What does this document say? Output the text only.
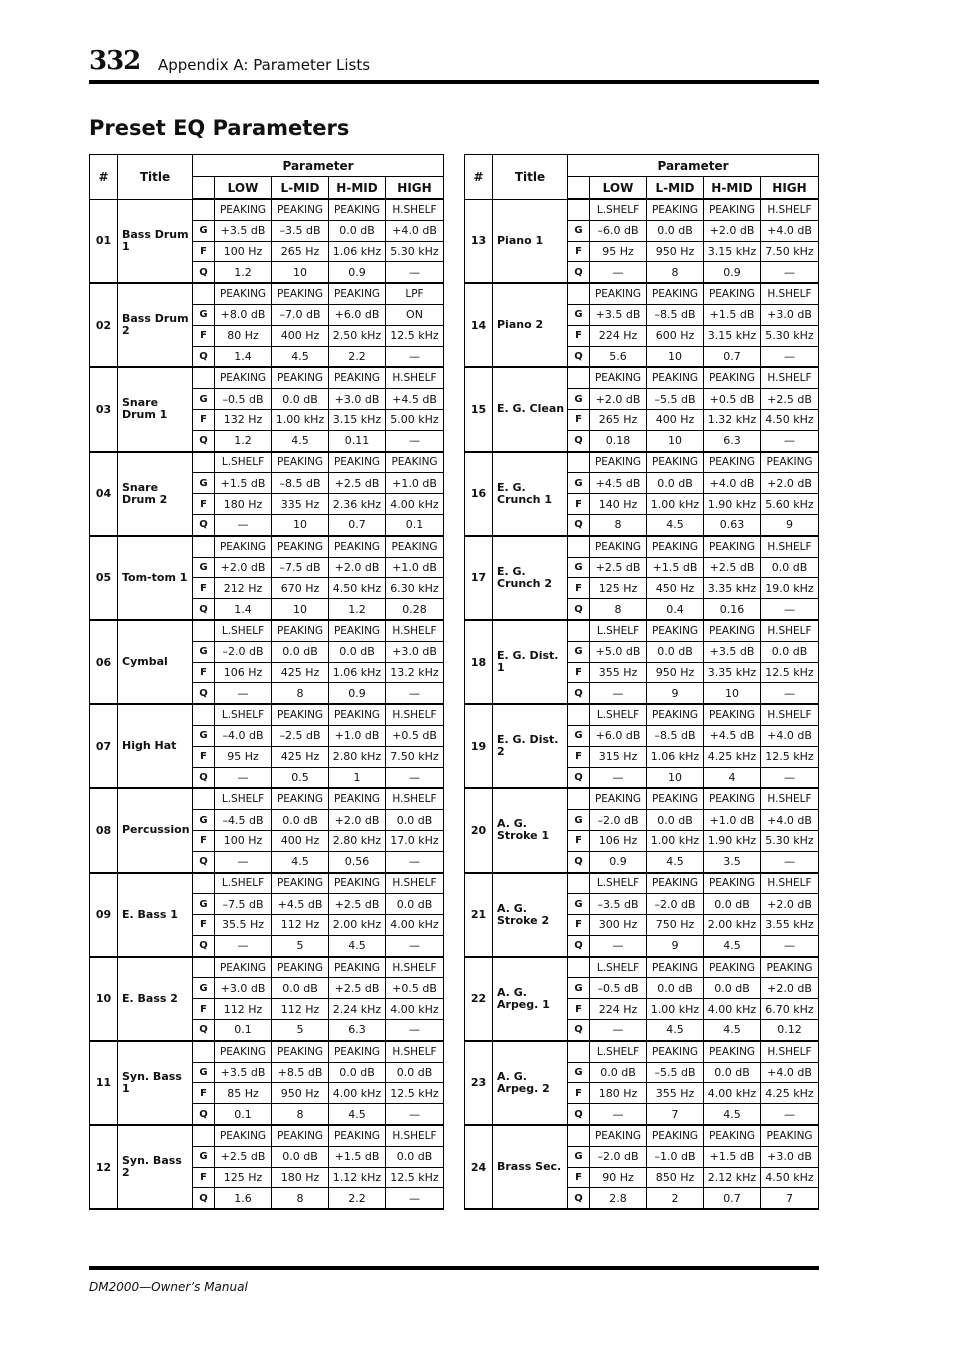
332 Appendix A: Parameter Lists
Preset EQ Parameters
#	Title	Parameter				
			LOW	L-MID	H-MID	HIGH
01	Bass Drum 1		PEAKING	PEAKING	PEAKING	H.SHELF
		G	+3.5 dB	–3.5 dB	0.0 dB	+4.0 dB
		F	100 Hz	265 Hz	1.06 kHz	5.30 kHz
		Q	1.2	10	0.9	—
02	Bass Drum 2		PEAKING	PEAKING	PEAKING	LPF
		G	+8.0 dB	–7.0 dB	+6.0 dB	ON
		F	80 Hz	400 Hz	2.50 kHz	12.5 kHz
		Q	1.4	4.5	2.2	—
03	Snare Drum 1		PEAKING	PEAKING	PEAKING	H.SHELF
		G	–0.5 dB	0.0 dB	+3.0 dB	+4.5 dB
		F	132 Hz	1.00 kHz	3.15 kHz	5.00 kHz
		Q	1.2	4.5	0.11	—
04	Snare Drum 2		L.SHELF	PEAKING	PEAKING	PEAKING
		G	+1.5 dB	–8.5 dB	+2.5 dB	+1.0 dB
		F	180 Hz	335 Hz	2.36 kHz	4.00 kHz
		Q	—	10	0.7	0.1
05	Tom-tom 1		PEAKING	PEAKING	PEAKING	PEAKING
		G	+2.0 dB	–7.5 dB	+2.0 dB	+1.0 dB
		F	212 Hz	670 Hz	4.50 kHz	6.30 kHz
		Q	1.4	10	1.2	0.28
06	Cymbal		L.SHELF	PEAKING	PEAKING	H.SHELF
		G	–2.0 dB	0.0 dB	0.0 dB	+3.0 dB
		F	106 Hz	425 Hz	1.06 kHz	13.2 kHz
		Q	—	8	0.9	—
07	High Hat		L.SHELF	PEAKING	PEAKING	H.SHELF
		G	–4.0 dB	–2.5 dB	+1.0 dB	+0.5 dB
		F	95 Hz	425 Hz	2.80 kHz	7.50 kHz
		Q	—	0.5	1	—
08	Percussion		L.SHELF	PEAKING	PEAKING	H.SHELF
		G	–4.5 dB	0.0 dB	+2.0 dB	0.0 dB
		F	100 Hz	400 Hz	2.80 kHz	17.0 kHz
		Q	—	4.5	0.56	—
09	E. Bass 1		L.SHELF	PEAKING	PEAKING	H.SHELF
		G	–7.5 dB	+4.5 dB	+2.5 dB	0.0 dB
		F	35.5 Hz	112 Hz	2.00 kHz	4.00 kHz
		Q	—	5	4.5	—
10	E. Bass 2		PEAKING	PEAKING	PEAKING	H.SHELF
		G	+3.0 dB	0.0 dB	+2.5 dB	+0.5 dB
		F	112 Hz	112 Hz	2.24 kHz	4.00 kHz
		Q	0.1	5	6.3	—
11	Syn. Bass 1		PEAKING	PEAKING	PEAKING	H.SHELF
		G	+3.5 dB	+8.5 dB	0.0 dB	0.0 dB
		F	85 Hz	950 Hz	4.00 kHz	12.5 kHz
		Q	0.1	8	4.5	—
12	Syn. Bass 2		PEAKING	PEAKING	PEAKING	H.SHELF
		G	+2.5 dB	0.0 dB	+1.5 dB	0.0 dB
		F	125 Hz	180 Hz	1.12 kHz	12.5 kHz
		Q	1.6	8	2.2	—
#	Title	Parameter				
			LOW	L-MID	H-MID	HIGH
13	Piano 1		L.SHELF	PEAKING	PEAKING	H.SHELF
		G	–6.0 dB	0.0 dB	+2.0 dB	+4.0 dB
		F	95 Hz	950 Hz	3.15 kHz	7.50 kHz
		Q	—	8	0.9	—
14	Piano 2		PEAKING	PEAKING	PEAKING	H.SHELF
		G	+3.5 dB	–8.5 dB	+1.5 dB	+3.0 dB
		F	224 Hz	600 Hz	3.15 kHz	5.30 kHz
		Q	5.6	10	0.7	—
15	E. G. Clean		PEAKING	PEAKING	PEAKING	H.SHELF
		G	+2.0 dB	–5.5 dB	+0.5 dB	+2.5 dB
		F	265 Hz	400 Hz	1.32 kHz	4.50 kHz
		Q	0.18	10	6.3	—
16	E. G. Crunch 1		PEAKING	PEAKING	PEAKING	PEAKING
		G	+4.5 dB	0.0 dB	+4.0 dB	+2.0 dB
		F	140 Hz	1.00 kHz	1.90 kHz	5.60 kHz
		Q	8	4.5	0.63	9
17	E. G. Crunch 2		PEAKING	PEAKING	PEAKING	H.SHELF
		G	+2.5 dB	+1.5 dB	+2.5 dB	0.0 dB
		F	125 Hz	450 Hz	3.35 kHz	19.0 kHz
		Q	8	0.4	0.16	—
18	E. G. Dist. 1		L.SHELF	PEAKING	PEAKING	H.SHELF
		G	+5.0 dB	0.0 dB	+3.5 dB	0.0 dB
		F	355 Hz	950 Hz	3.35 kHz	12.5 kHz
		Q	—	9	10	—
19	E. G. Dist. 2		L.SHELF	PEAKING	PEAKING	H.SHELF
		G	+6.0 dB	–8.5 dB	+4.5 dB	+4.0 dB
		F	315 Hz	1.06 kHz	4.25 kHz	12.5 kHz
		Q	—	10	4	—
20	A. G. Stroke 1		PEAKING	PEAKING	PEAKING	H.SHELF
		G	–2.0 dB	0.0 dB	+1.0 dB	+4.0 dB
		F	106 Hz	1.00 kHz	1.90 kHz	5.30 kHz
		Q	0.9	4.5	3.5	—
21	A. G. Stroke 2		L.SHELF	PEAKING	PEAKING	H.SHELF
		G	–3.5 dB	–2.0 dB	0.0 dB	+2.0 dB
		F	300 Hz	750 Hz	2.00 kHz	3.55 kHz
		Q	—	9	4.5	—
22	A. G. Arpeg. 1		L.SHELF	PEAKING	PEAKING	PEAKING
		G	–0.5 dB	0.0 dB	0.0 dB	+2.0 dB
		F	224 Hz	1.00 kHz	4.00 kHz	6.70 kHz
		Q	—	4.5	4.5	0.12
23	A. G. Arpeg. 2		L.SHELF	PEAKING	PEAKING	H.SHELF
		G	0.0 dB	–5.5 dB	0.0 dB	+4.0 dB
		F	180 Hz	355 Hz	4.00 kHz	4.25 kHz
		Q	—	7	4.5	—
24	Brass Sec.		PEAKING	PEAKING	PEAKING	PEAKING
		G	–2.0 dB	–1.0 dB	+1.5 dB	+3.0 dB
		F	90 Hz	850 Hz	2.12 kHz	4.50 kHz
		Q	2.8	2	0.7	7
DM2000—Owner’s Manual
